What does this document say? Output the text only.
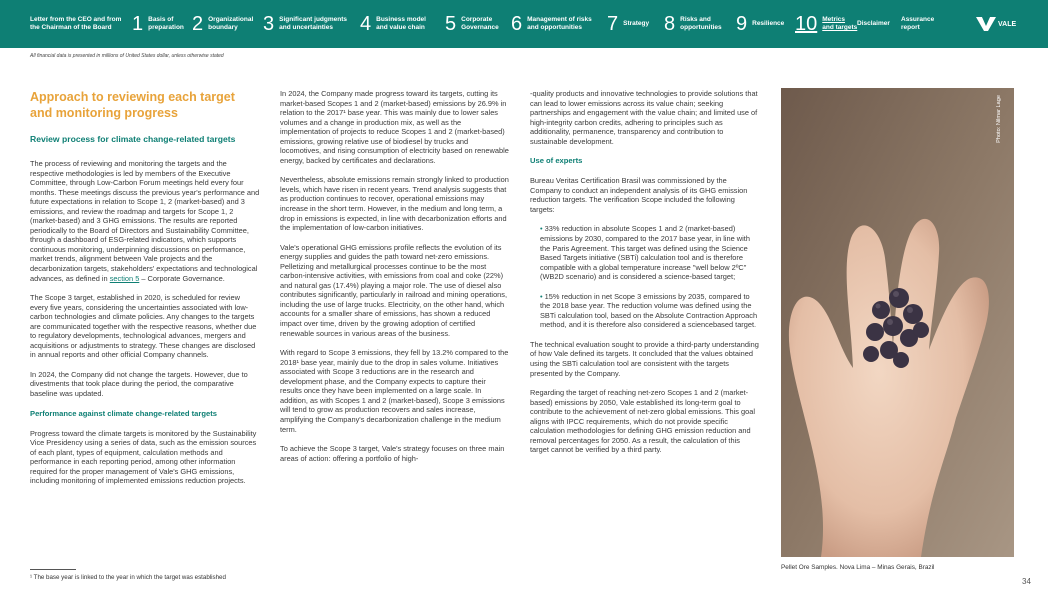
Letter from the CEO and from
the Chairman of the Board	1 Basis of
preparation 2 Organizational
boundary	3 Significant judgments
and uncertainties	4 Business model
and value chain 5 Corporate
Governance 6 Management of risks
and opportunities	7 Strategy 8 Risks and
opportunities 9 Resilience 10 Metrics
and targets
Disclaimer
Assurance
report	VALE
All financial data is presented in millions of United States dollar, unless otherwise stated
Approach to reviewing each target and monitoring progress
Review process for climate change-related targets

The process of reviewing and monitoring the targets and the respective methodologies is led by members of the Executive Committee, through Low-Carbon Forum meetings held every four months. These meetings discuss the previous year's performance and future expectations in relation to Scope 1, 2 (market-based) and 3 emissions, and review the roadmap and targets for Scope 1, 2 (market-based) and 3 GHG emissions. The results are reported periodically to the Board of Directors and Sustainability Committee, through a dashboard of ESG-related indicators, which supports continuous monitoring, underpinning discussions on performance, market trends, alignment between Vale projects and the decarbonization targets, stakeholders' expectations and technological advances, as defined in section 5 – Corporate Governance.

The Scope 3 target, established in 2020, is scheduled for review every five years, considering the uncertainties associated with low-carbon technologies and climate policies. Any changes to the targets are communicated together with the respective reasons, whether due to regulatory developments, technological advances, mergers and acquisitions or adjustments to strategy. These changes are disclosed in annual reports and other official Company channels.

In 2024, the Company did not change the targets. However, due to divestments that took place during the period, the comparative baseline was updated.

Performance against climate change-related targets

Progress toward the climate targets is monitored by the Sustainability Vice Presidency using a series of data, such as the emission sources of each plant, types of equipment, calculation methods and performance in each reporting period, among other information required for the proper management of Vale's GHG emissions, including monitoring of implemented emissions reduction projects.

In 2024, the Company made progress toward its targets, cutting its market-based Scopes 1 and 2 (market-based) emissions by 26.9% in relation to the 2017¹ base year. This was mainly due to lower sales volumes and a change in production mix, as well as the implementation of projects to reduce Scopes 1 and 2 (market-based) emissions, growing relative use of biodiesel by trucks and locomotives, and rising consumption of electricity based on renewable energy, backed by certificates and declarations.

Nevertheless, absolute emissions remain strongly linked to production levels, which have risen in recent years. Trend analysis suggests that as production continues to recover, operational emissions may increase in the short term. However, in the medium and long term, a drop in emissions is expected, in line with decarbonization efforts and the implementation of low-carbon initiatives.

Vale's operational GHG emissions profile reflects the evolution of its energy supplies and guides the path toward net-zero emissions. Pelletizing and metallurgical processes continue to be the most carbon-intensive activities, with emissions from coal and coke (22%) and natural gas (17.4%) playing a major role. The use of diesel also contributes significantly, particularly in railroad and mining operations, including the use of large trucks. Electricity, on the other hand, which accounts for a smaller share of emissions, has shown a reduced impact over time, driven by the growing adoption of certified renewable sources in various areas of the business.

With regard to Scope 3 emissions, they fell by 13.2% compared to the 2018¹ base year, mainly due to the drop in sales volume. Initiatives associated with Scope 3 reductions are in the research and development phase, and the Company expects to capture their results once they have been implemented on a large scale. In addition, as with Scopes 1 and 2 (market-based), Scope 3 emissions will tend to grow as production recovers and sales increase, amplifying the Company's decarbonization challenge in the medium term.

To achieve the Scope 3 target, Vale's strategy focuses on three main areas of action: offering a portfolio of high-

-quality products and innovative technologies to provide solutions that can lead to lower emissions across its value chain; seeking partnerships and engagement with the value chain; and limited use of high-integrity carbon credits, adhering to principles such as additionality, permanence, transparency and contribution to sustainable development.

Use of experts

Bureau Veritas Certification Brasil was commissioned by the Company to conduct an independent analysis of its GHG emission reduction targets. The verification Scope included the following targets:

• 33% reduction in absolute Scopes 1 and 2 (market-based) emissions by 2030, compared to the 2017 base year, in line with the Paris Agreement. This target was defined using the Science Based Targets initiative (SBTi) calculation tool and is therefore compatible with a global temperature increase "well below 2ºC" (WB2D scenario) and is considered a science-based target;

• 15% reduction in net Scope 3 emissions by 2035, compared to the 2018 base year. The reduction volume was defined using the SBTi calculation tool, based on the Absolute Contraction Approach method, and it is therefore also considered a sciencebased target.

The technical evaluation sought to provide a third-party understanding of how Vale defined its targets. It concluded that the values obtained using the SBTi calculation tool are consistent with the targets presented by the Company.

Regarding the target of reaching net-zero Scopes 1 and 2 (market-based) emissions by 2050, Vale established its long-term goal to contribute to the achievement of net-zero global emissions. This goal aligns with IPCC requirements, which do not provide specific calculation methodologies for defining GHG emission reduction and removal percentages for 2050. As a result, the calculation of this target cannot be verified by a third party.

Photo: Nilmar Lage
Pellet Ore Samples. Nova Lima – Minas Gerais, Brazil
¹ The base year is linked to the year in which the target was established	34
